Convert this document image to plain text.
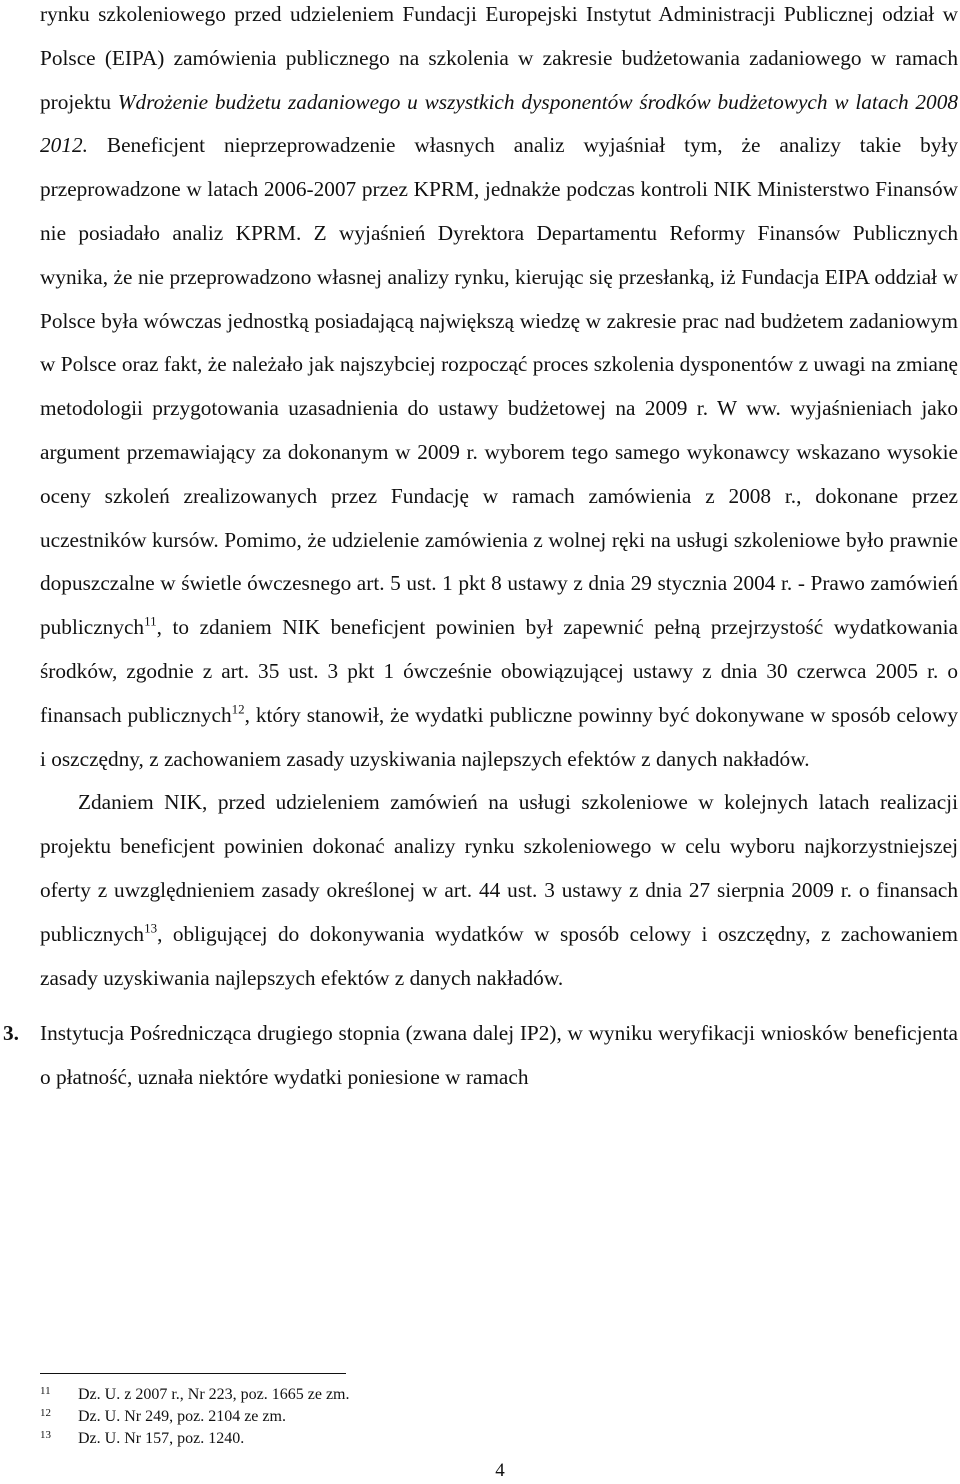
rynku szkoleniowego przed udzieleniem Fundacji Europejski Instytut Administracji Publicznej odział w Polsce (EIPA) zamówienia publicznego na szkolenia w zakresie budżetowania zadaniowego w ramach projektu Wdrożenie budżetu zadaniowego u wszystkich dysponentów środków budżetowych w latach 2008 2012. Beneficjent nieprzeprowadzenie własnych analiz wyjaśniał tym, że analizy takie były przeprowadzone w latach 2006-2007 przez KPRM, jednakże podczas kontroli NIK Ministerstwo Finansów nie posiadało analiz KPRM. Z wyjaśnień Dyrektora Departamentu Reformy Finansów Publicznych wynika, że nie przeprowadzono własnej analizy rynku, kierując się przesłanką, iż Fundacja EIPA oddział w Polsce była wówczas jednostką posiadającą największą wiedzę w zakresie prac nad budżetem zadaniowym w Polsce oraz fakt, że należało jak najszybciej rozpocząć proces szkolenia dysponentów z uwagi na zmianę metodologii przygotowania uzasadnienia do ustawy budżetowej na 2009 r. W ww. wyjaśnieniach jako argument przemawiający za dokonanym w 2009 r. wyborem tego samego wykonawcy wskazano wysokie oceny szkoleń zrealizowanych przez Fundację w ramach zamówienia z 2008 r., dokonane przez uczestników kursów. Pomimo, że udzielenie zamówienia z wolnej ręki na usługi szkoleniowe było prawnie dopuszczalne w świetle ówczesnego art. 5 ust. 1 pkt 8 ustawy z dnia 29 stycznia 2004 r. - Prawo zamówień publicznych$^{11}$, to zdaniem NIK beneficjent powinien był zapewnić pełną przejrzystość wydatkowania środków, zgodnie z art. 35 ust. 3 pkt 1 ówcześnie obowiązującej ustawy z dnia 30 czerwca 2005 r. o finansach publicznych$^{12}$, który stanowił, że wydatki publiczne powinny być dokonywane w sposób celowy i oszczędny, z zachowaniem zasady uzyskiwania najlepszych efektów z danych nakładów.

Zdaniem NIK, przed udzieleniem zamówień na usługi szkoleniowe w kolejnych latach realizacji projektu beneficjent powinien dokonać analizy rynku szkoleniowego w celu wyboru najkorzystniejszej oferty z uwzględnieniem zasady określonej w art. 44 ust. 3 ustawy z dnia 27 sierpnia 2009 r. o finansach publicznych$^{13}$, obligującej do dokonywania wydatków w sposób celowy i oszczędny, z zachowaniem zasady uzyskiwania najlepszych efektów z danych nakładów.

3. Instytucja Pośrednicząca drugiego stopnia (zwana dalej IP2), w wyniku weryfikacji wniosków beneficjenta o płatność, uznała niektóre wydatki poniesione w ramach

11 Dz. U. z 2007 r., Nr 223, poz. 1665 ze zm.
12 Dz. U. Nr 249, poz. 2104 ze zm.
13 Dz. U. Nr 157, poz. 1240.
4
